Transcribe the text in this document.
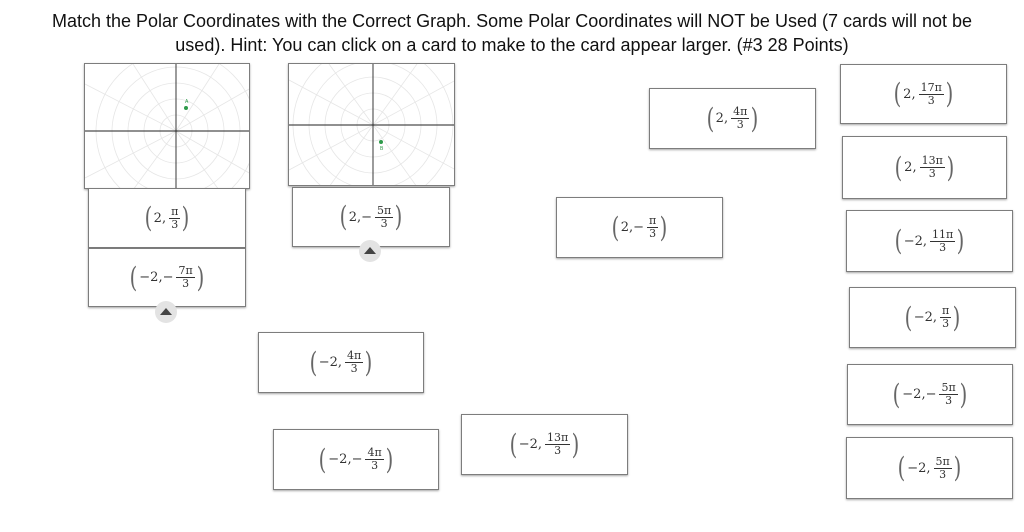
Match the Polar Coordinates with the Correct Graph. Some Polar Coordinates will NOT be Used (7 cards will not be
used). Hint: You can click on a card to make to the card appear larger. (#3 28 Points)
A
B
( 2, $\frac{\pi}{3}$ )
( −2, − $\frac{7\pi}{3}$ )
( 2, − $\frac{5\pi}{3}$ )
( 2, $\frac{4\pi}{3}$ )
( 2, − $\frac{\pi}{3}$ )
( 2, $\frac{17\pi}{3}$ )
( 2, $\frac{13\pi}{3}$ )
( −2, $\frac{11\pi}{3}$ )
( −2, $\frac{\pi}{3}$ )
( −2, − $\frac{5\pi}{3}$ )
( −2, $\frac{5\pi}{3}$ )
( −2, $\frac{4\pi}{3}$ )
( −2, − $\frac{4\pi}{3}$ )	( −2, $\frac{13\pi}{3}$ )
